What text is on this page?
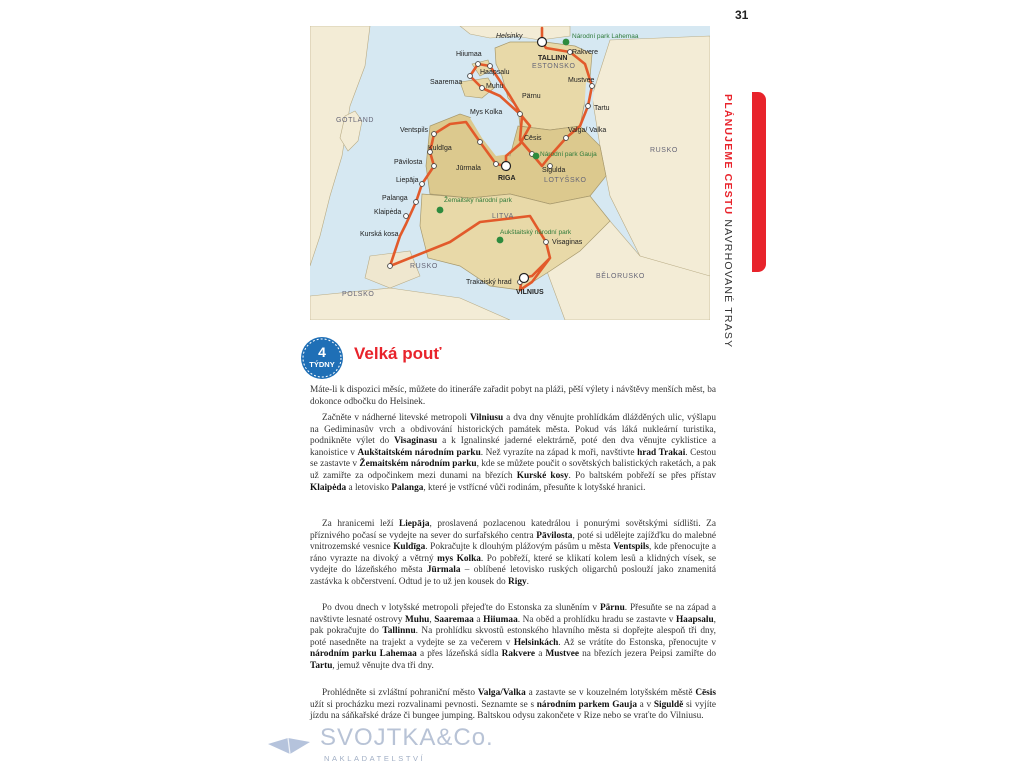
31
GOTLAND
ESTONSKO
LOTYŠSKO
LITVA
RUSKO
RUSKO
BĚLORUSKO
POLSKO
Helsinky
TALLINN
Rakvere
Hiiumaa
Haapsalu
Saaremaa
Muhu
Mustvee
Pärnu
Tartu
Mys Kolka
Ventspils
Cēsis
Valga/ Valka
Kuldīga
Pāvilosta
Liepāja
Jūrmala
RIGA
Sigulda
Palanga
Klaipėda
Kurská kosa
Visaginas
Trakaiský hrad
VILNIUS
Národní park Lahemaa
Národní park Gauja
Žemaitský národní park
Aukštaitský národní park
PLÁNUJEME CESTU NAVRHOVANÉ TRASY
4
TÝDNY
Velká pouť

Máte-li k dispozici měsíc, můžete do itineráře zařadit pobyt na pláži, pěší výlety i návštěvy menších měst, ba dokonce odbočku do Helsinek.

Začněte v nádherné litevské metropoli Vilniusu a dva dny věnujte prohlídkám dlážděných ulic, výšlapu na Gediminasův vrch a obdivování historických památek města. Pokud vás láká nukleární turistika, podnikněte výlet do Visaginasu a k Ignalinské jaderné elektrárně, poté den dva věnujte cyklistice a kanoistice v Aukštaitském národním parku. Než vyrazíte na západ k moři, navštivte hrad Trakai. Cestou se zastavte v Žemaitském národním parku, kde se můžete poučit o sovětských balistických raketách, a pak už zamiřte za odpočinkem mezi dunami na březích Kurské kosy. Po baltském pobřeží se přes přístav Klaipėda a letovisko Palanga, které je vstřícné vůči rodinám, přesuňte k lotyšské hranici.

Za hranicemi leží Liepāja, proslavená pozlacenou katedrálou i ponurými sovětskými sídlišti. Za příznivého počasí se vydejte na sever do surfařského centra Pāvilosta, poté si udělejte zajížďku do malebné vnitrozemské vesnice Kuldīga. Pokračujte k dlouhým plážovým pásům u města Ventspils, kde přenocujte a ráno vyrazte na divoký a větrný mys Kolka. Po pobřeží, které se klikatí kolem lesů a klidných vísek, se vydejte do lázeňského města Jūrmala – oblíbené letovisko ruských oligarchů poslouží jako znamenitá zastávka k občerstvení. Odtud je to už jen kousek do Rigy.

Po dvou dnech v lotyšské metropoli přejeďte do Estonska za sluněním v Pärnu. Přesuňte se na západ a navštivte lesnaté ostrovy Muhu, Saaremaa a Hiiumaa. Na oběd a prohlídku hradu se zastavte v Haapsalu, pak pokračujte do Tallinnu. Na prohlídku skvostů estonského hlavního města si dopřejte alespoň tři dny, poté nasedněte na trajekt a vydejte se za večerem v Helsinkách. Až se vrátíte do Estonska, přenocujte v národním parku Lahemaa a přes lázeňská sídla Rakvere a Mustvee na březích jezera Peipsi zamiřte do Tartu, jemuž věnujte dva tři dny.

Prohlédněte si zvláštní pohraniční město Valga/Valka a zastavte se v kouzelném lotyšském městě Cēsis užít si procházku mezi rozvalinami pevnosti. Seznamte se s národním parkem Gauja a v Siguldě si vyjíte jízdu na sáňkařské dráze či bungee jumping. Baltskou odysu zakončete v Rize nebo se vraťte do Vilniusu.

SVOJTKA&Co.
NAKLADATELSTVÍ
